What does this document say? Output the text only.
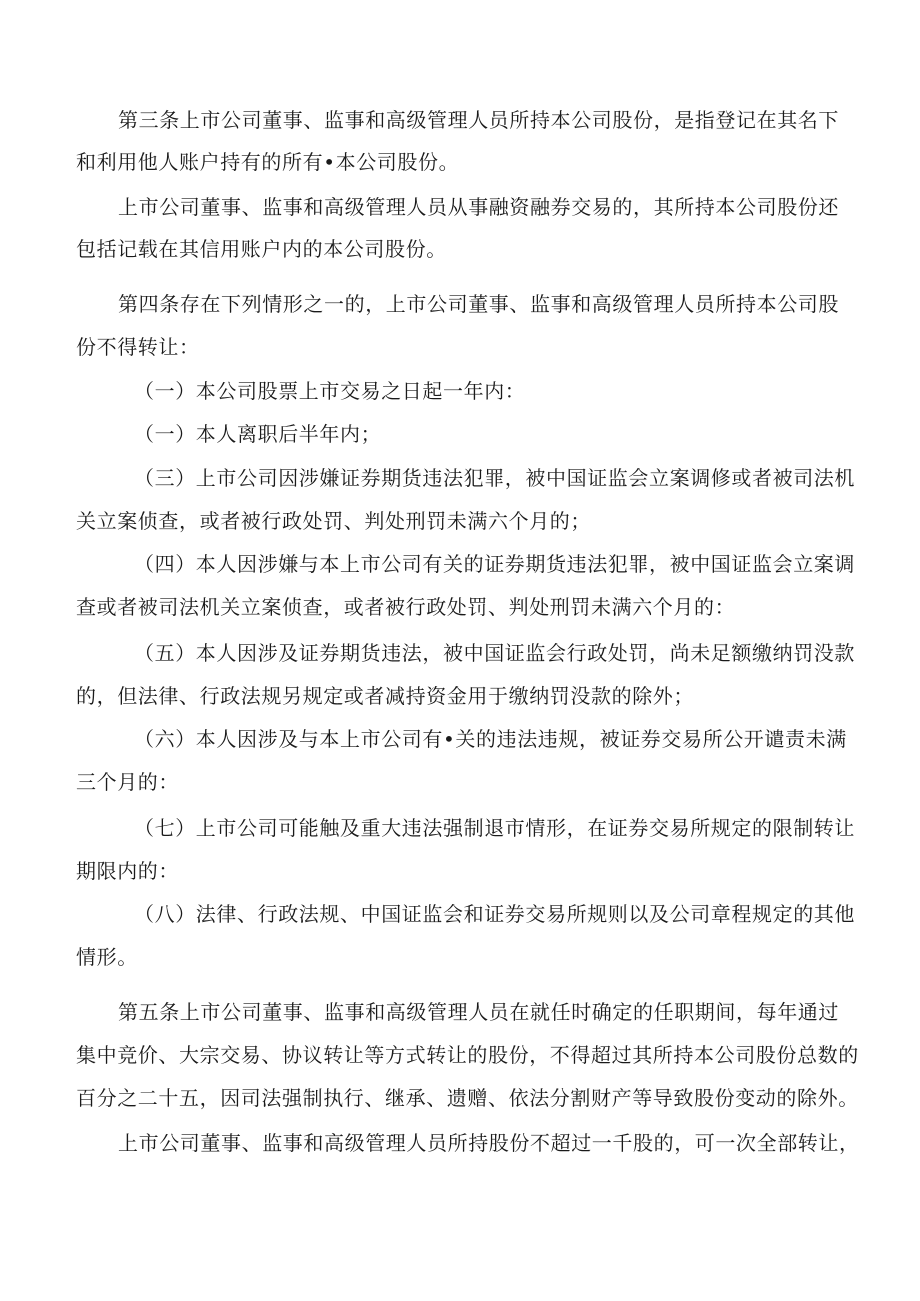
第三条上市公司董事、监事和高级管理人员所持本公司股份，是指登记在其名下
和利用他人账户持有的所有•本公司股份。
上市公司董事、监事和高级管理人员从事融资融券交易的，其所持本公司股份还
包括记载在其信用账户内的本公司股份。
第四条存在下列情形之一的，上市公司董事、监事和高级管理人员所持本公司股
份不得转让：
（一）本公司股票上市交易之日起一年内：
（一）本人离职后半年内；
（三）上市公司因涉嫌证券期货违法犯罪，被中国证监会立案调修或者被司法机
关立案侦查，或者被行政处罚、判处刑罚未满六个月的；
（四）本人因涉嫌与本上市公司有关的证券期货违法犯罪，被中国证监会立案调
查或者被司法机关立案侦查，或者被行政处罚、判处刑罚未满六个月的：
（五）本人因涉及证券期货违法，被中国证监会行政处罚，尚未足额缴纳罚没款
的，但法律、行政法规另规定或者减持资金用于缴纳罚没款的除外；
（六）本人因涉及与本上市公司有•关的违法违规，被证券交易所公开谴责未满
三个月的：
（七）上市公司可能触及重大违法强制退市情形，在证券交易所规定的限制转让
期限内的：
（八）法律、行政法规、中国证监会和证券交易所规则以及公司章程规定的其他
情形。
第五条上市公司董事、监事和高级管理人员在就任时确定的任职期间，每年通过
集中竞价、大宗交易、协议转让等方式转让的股份，不得超过其所持本公司股份总数的
百分之二十五，因司法强制执行、继承、遗赠、依法分割财产等导致股份变动的除外。
上市公司董事、监事和高级管理人员所持股份不超过一千股的，可一次全部转让，
